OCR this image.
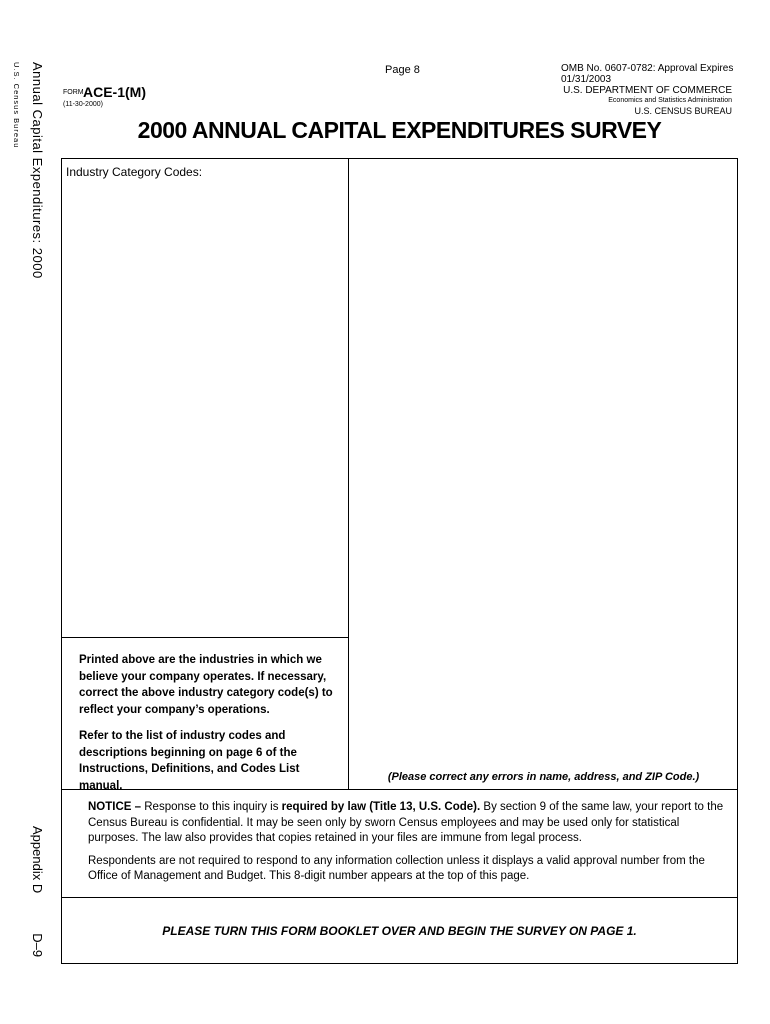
U.S. Census Bureau Annual Capital Expenditures: 2000
Appendix DD–9
Page 8	OMB No. 0607-0782: Approval Expires 01/31/2003
U.S. DEPARTMENT OF COMMERCE
Economics and Statistics Administration
U.S. CENSUS BUREAU
FORM ACE-1(M)
(11-30-2000)
2000 ANNUAL CAPITAL EXPENDITURES SURVEY
Industry Category Codes:

Printed above are the industries in which we believe your company operates. If necessary, correct the above industry category code(s) to reflect your company’s operations.

Refer to the list of industry codes and descriptions beginning on page 6 of the Instructions, Definitions, and Codes List manual.

(Please correct any errors in name, address, and ZIP Code.)

NOTICE – Response to this inquiry is required by law (Title 13, U.S. Code). By section 9 of the same law, your report to the Census Bureau is confidential. It may be seen only by sworn Census employees and may be used only for statistical purposes. The law also provides that copies retained in your files are immune from legal process.

Respondents are not required to respond to any information collection unless it displays a valid approval number from the Office of Management and Budget. This 8-digit number appears at the top of this page.

PLEASE TURN THIS FORM BOOKLET OVER AND BEGIN THE SURVEY ON PAGE 1.
